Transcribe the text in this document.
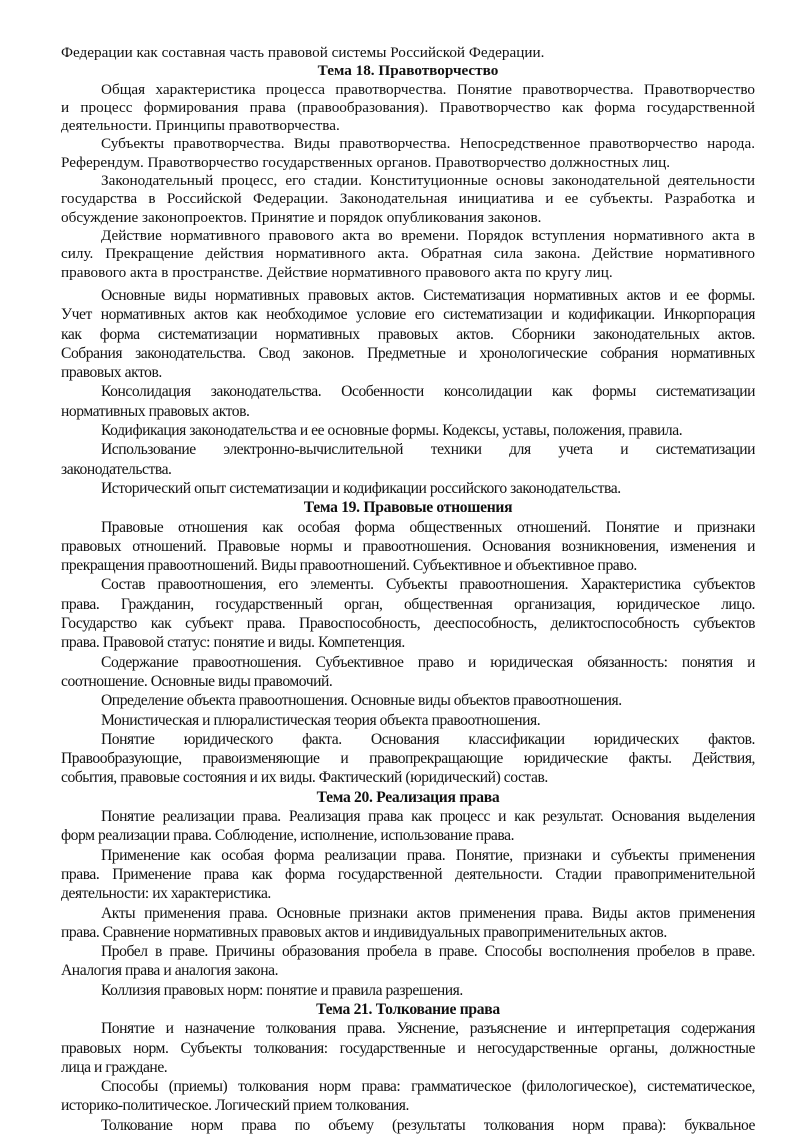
Федерации как составная часть правовой системы Российской Федерации.
Тема 18. Правотворчество
Общая характеристика процесса правотворчества. Понятие правотворчества. Правотворчество
и процесс формирования права (правообразования). Правотворчество как форма государственной
деятельности. Принципы правотворчества.
Субъекты правотворчества. Виды правотворчества. Непосредственное правотворчество народа.
Референдум. Правотворчество государственных органов. Правотворчество должностных лиц.
Законодательный процесс, его стадии. Конституционные основы законодательной деятельности
государства в Российской Федерации. Законодательная инициатива и ее субъекты. Разработка и
обсуждение законопроектов. Принятие и порядок опубликования законов.
Действие нормативного правового акта во времени. Порядок вступления нормативного акта в
силу. Прекращение действия нормативного акта. Обратная сила закона. Действие нормативного
правового акта в пространстве. Действие нормативного правового акта по кругу лиц.
Основные виды нормативных правовых актов. Систематизация нормативных актов и ее формы.
Учет нормативных актов как необходимое условие его систематизации и кодификации. Инкорпорация
как форма систематизации нормативных правовых актов. Сборники законодательных актов.
Собрания законодательства. Свод законов. Предметные и хронологические собрания нормативных
правовых актов.
Консолидация законодательства. Особенности консолидации как формы систематизации
нормативных правовых актов.
Кодификация законодательства и ее основные формы. Кодексы, уставы, положения, правила.
Использование электронно-вычислительной техники для учета и систематизации
законодательства.
Исторический опыт систематизации и кодификации российского законодательства.
Тема 19. Правовые отношения
Правовые отношения как особая форма общественных отношений. Понятие и признаки
правовых отношений. Правовые нормы и правоотношения. Основания возникновения, изменения и
прекращения правоотношений. Виды правоотношений. Субъективное и объективное право.
Состав правоотношения, его элементы. Субъекты правоотношения. Характеристика субъектов
права. Гражданин, государственный орган, общественная организация, юридическое лицо.
Государство как субъект права. Правоспособность, дееспособность, деликтоспособность субъектов
права. Правовой статус: понятие и виды. Компетенция.
Содержание правоотношения. Субъективное право и юридическая обязанность: понятия и
соотношение. Основные виды правомочий.
Определение объекта правоотношения. Основные виды объектов правоотношения.
Монистическая и плюралистическая теория объекта правоотношения.
Понятие юридического факта. Основания классификации юридических фактов.
Правообразующие, правоизменяющие и правопрекращающие юридические факты. Действия,
события, правовые состояния и их виды. Фактический (юридический) состав.
Тема 20. Реализация права
Понятие реализации права. Реализация права как процесс и как результат. Основания выделения
форм реализации права. Соблюдение, исполнение, использование права.
Применение как особая форма реализации права. Понятие, признаки и субъекты применения
права. Применение права как форма государственной деятельности. Стадии правоприменительной
деятельности: их характеристика.
Акты применения права. Основные признаки актов применения права. Виды актов применения
права. Сравнение нормативных правовых актов и индивидуальных правоприменительных актов.
Пробел в праве. Причины образования пробела в праве. Способы восполнения пробелов в праве.
Аналогия права и аналогия закона.
Коллизия правовых норм: понятие и правила разрешения.
Тема 21. Толкование права
Понятие и назначение толкования права. Уяснение, разъяснение и интерпретация содержания
правовых норм. Субъекты толкования: государственные и негосударственные органы, должностные
лица и граждане.
Способы (приемы) толкования норм права: грамматическое (филологическое), систематическое,
историко-политическое. Логический прием толкования.
Толкование норм права по объему (результаты толкования норм права): буквальное
